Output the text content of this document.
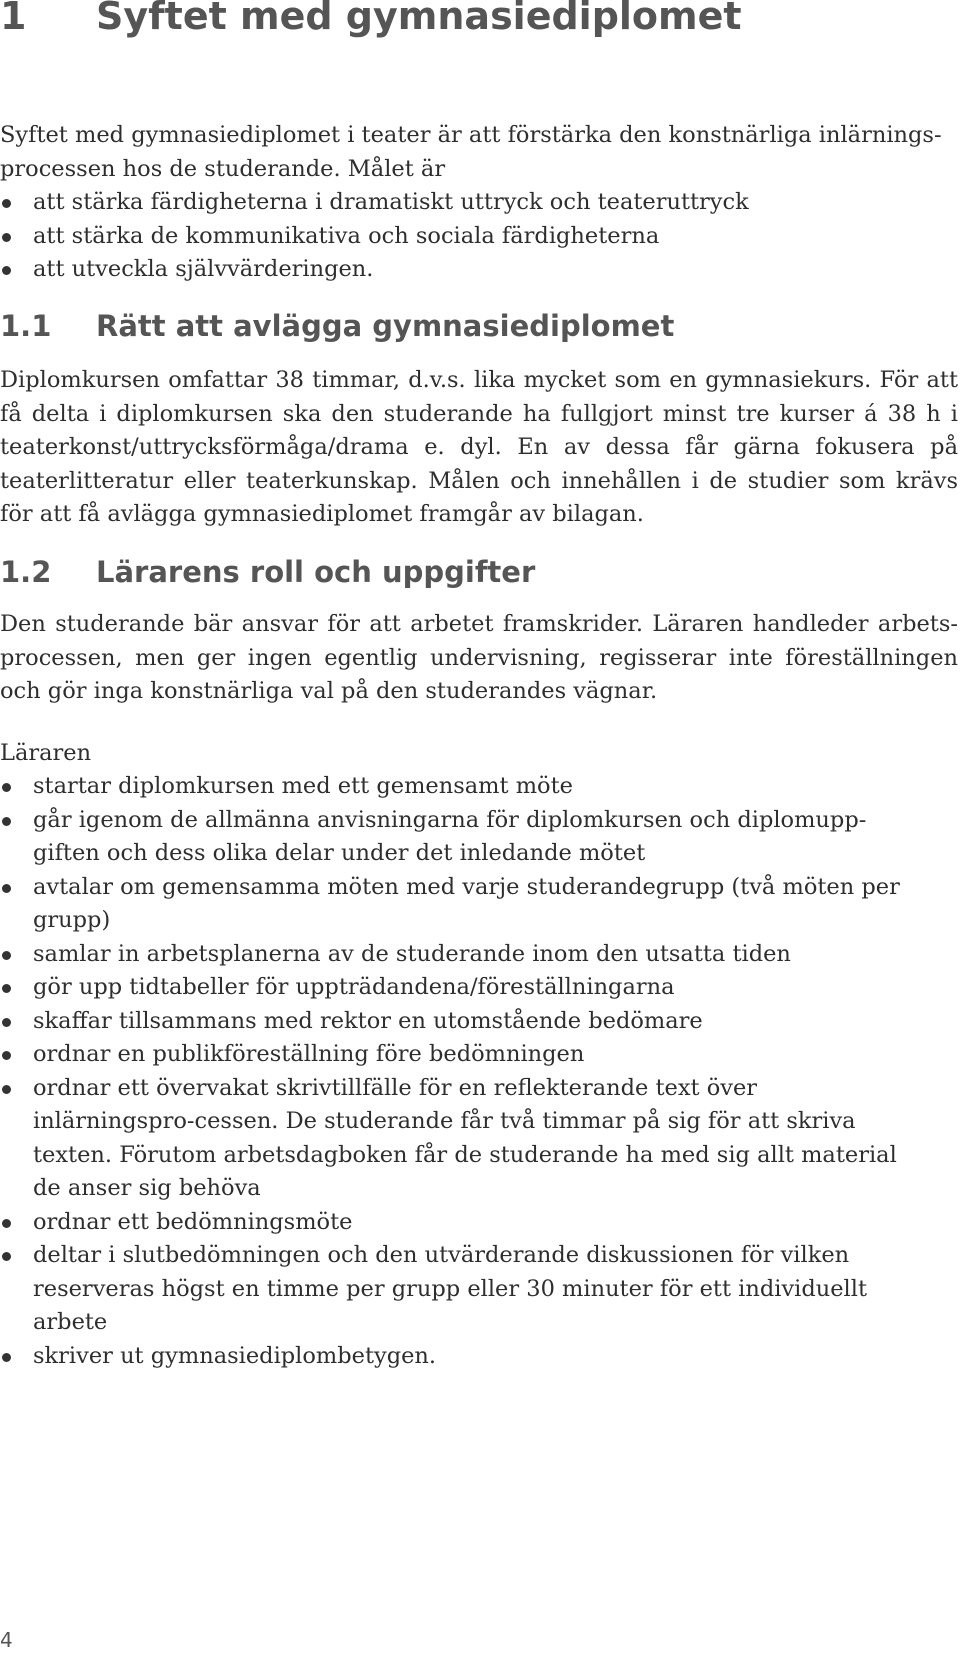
1 Syftet med gymnasiediplomet

Syftet med gymnasiediplomet i teater är att förstärka den konstnärliga inlärnings-processen hos de studerande. Målet är

att stärka färdigheterna i dramatiskt uttryck och teateruttryck
att stärka de kommunikativa och sociala färdigheterna
att utveckla självvärderingen.
1.1 Rätt att avlägga gymnasiediplomet

Diplomkursen omfattar 38 timmar, d.v.s. lika mycket som en gymnasiekurs. För att få delta i diplomkursen ska den studerande ha fullgjort minst tre kurser á 38 h i teaterkonst/uttrycksförmåga/drama e. dyl. En av dessa får gärna fokusera på teaterlitteratur eller teaterkunskap. Målen och innehållen i de studier som krävs för att få avlägga gymnasiediplomet framgår av bilagan.

1.2 Lärarens roll och uppgifter

Den studerande bär ansvar för att arbetet framskrider. Läraren handleder arbets-processen, men ger ingen egentlig undervisning, regisserar inte föreställningen och gör inga konstnärliga val på den studerandes vägnar.

Läraren

startar diplomkursen med ett gemensamt möte
går igenom de allmänna anvisningarna för diplomkursen och diplomupp-giften och dess olika delar under det inledande mötet
avtalar om gemensamma möten med varje studerandegrupp (två möten per grupp)
samlar in arbetsplanerna av de studerande inom den utsatta tiden
gör upp tidtabeller för uppträdandena/föreställningarna
skaffar tillsammans med rektor en utomstående bedömare
ordnar en publikföreställning före bedömningen
ordnar ett övervakat skrivtillfälle för en reflekterande text över inlärningspro-cessen. De studerande får två timmar på sig för att skriva texten. Förutom arbetsdagboken får de studerande ha med sig allt material de anser sig behöva
ordnar ett bedömningsmöte
deltar i slutbedömningen och den utvärderande diskussionen för vilken reserveras högst en timme per grupp eller 30 minuter för ett individuellt arbete
skriver ut gymnasiediplombetygen.
4
